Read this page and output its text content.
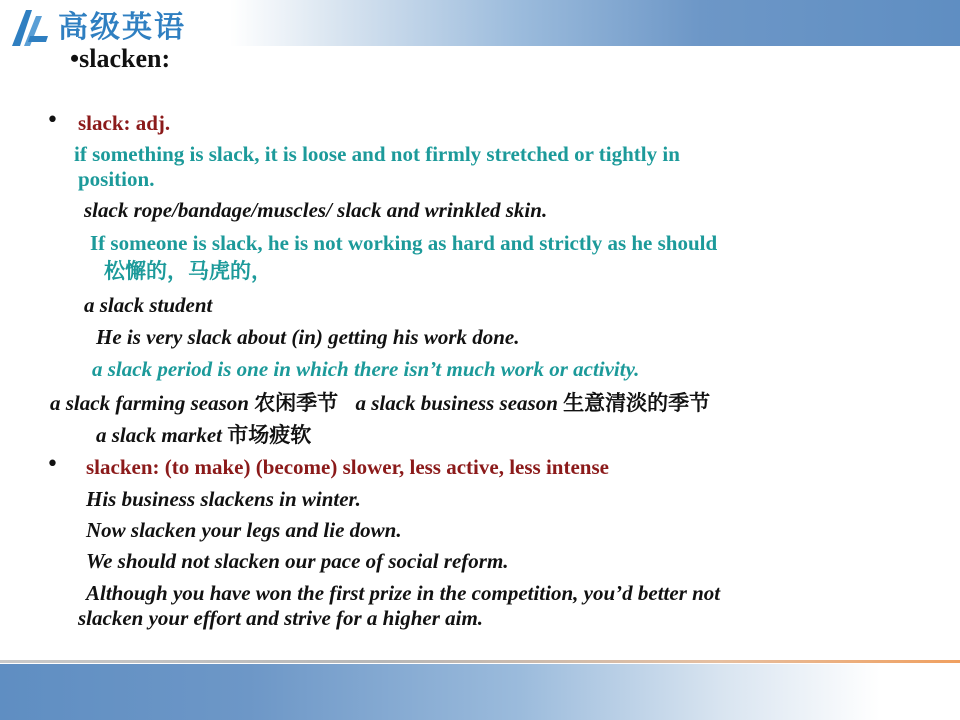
高级英语
•slacken:
• slack: adj.
if something is slack, it is loose and not firmly stretched or tightly in
position.
slack rope/bandage/muscles/ slack and wrinkled skin.
If someone is slack, he is not working as hard and strictly as he should
松懈的，马虎的，
a slack student
He is very slack about (in) getting his work done.
a slack period is one in which there isn’t much work or activity.
a slack farming season 农闲季节 a slack business season 生意清淡的季节
a slack market 市场疲软
• slacken: (to make) (become) slower, less active, less intense
His business slackens in winter.
Now slacken your legs and lie down.
We should not slacken our pace of social reform.
Although you have won the first prize in the competition, you’d better not
slacken your effort and strive for a higher aim.
